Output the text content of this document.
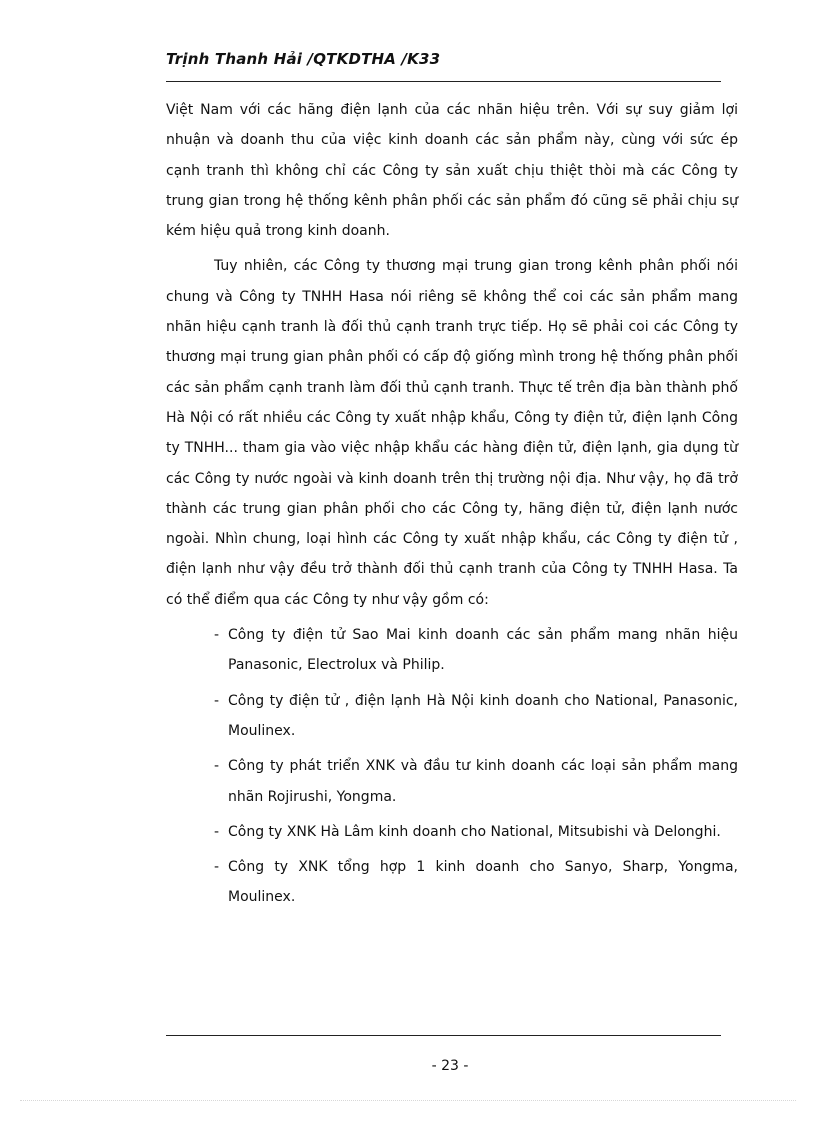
Trịnh Thanh Hải /QTKDTHA /K33

Việt Nam với các hãng điện lạnh của các nhãn hiệu trên. Với sự suy giảm lợi nhuận và doanh thu của việc kinh doanh các sản phẩm này, cùng với sức ép cạnh tranh thì không chỉ các Công ty sản xuất chịu thiệt thòi mà các Công ty trung gian trong hệ thống kênh phân phối các sản phẩm đó cũng sẽ phải chịu sự kém hiệu quả trong kinh doanh.

Tuy nhiên, các Công ty thương mại trung gian trong kênh phân phối nói chung và Công ty TNHH Hasa nói riêng sẽ không thể coi các sản phẩm mang nhãn hiệu cạnh tranh là đối thủ cạnh tranh trực tiếp. Họ sẽ phải coi các Công ty thương mại trung gian phân phối có cấp độ giống mình trong hệ thống phân phối các sản phẩm cạnh tranh làm đối thủ cạnh tranh. Thực tế trên địa bàn thành phố Hà Nội có rất nhiều các Công ty xuất nhập khẩu, Công ty điện tử, điện lạnh Công ty TNHH... tham gia vào việc nhập khẩu các hàng điện tử, điện lạnh, gia dụng từ các Công ty nước ngoài và kinh doanh trên thị trường nội địa. Như vậy, họ đã trở thành các trung gian phân phối cho các Công ty, hãng điện tử, điện lạnh nước ngoài. Nhìn chung, loại hình các Công ty xuất nhập khẩu, các Công ty điện tử , điện lạnh như vậy đều trở thành đối thủ cạnh tranh của Công ty TNHH Hasa. Ta có thể điểm qua các Công ty như vậy gồm có:

- Công ty điện tử Sao Mai kinh doanh các sản phẩm mang nhãn hiệu Panasonic, Electrolux và Philip.
- Công ty điện tử , điện lạnh Hà Nội kinh doanh cho National, Panasonic, Moulinex.
- Công ty phát triển XNK và đầu tư kinh doanh các loại sản phẩm mang nhãn Rojirushi, Yongma.
- Công ty XNK Hà Lâm kinh doanh cho National, Mitsubishi và Delonghi.
- Công ty XNK tổng hợp 1 kinh doanh cho Sanyo, Sharp, Yongma, Moulinex.
- 23 -
